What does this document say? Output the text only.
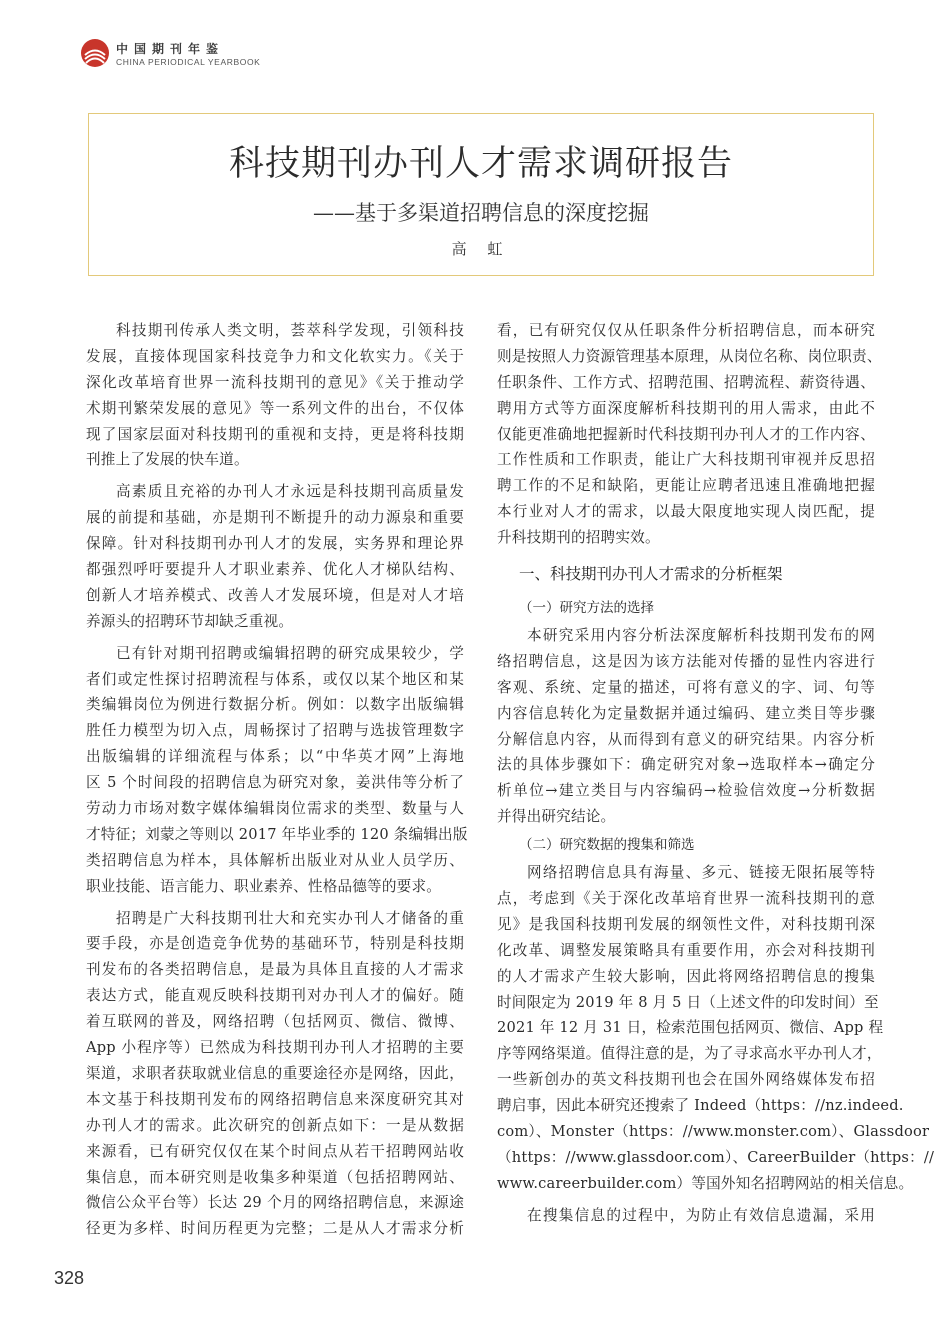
中国期刊年鉴
CHINA PERIODICAL YEARBOOK
科技期刊办刊人才需求调研报告
——基于多渠道招聘信息的深度挖掘
高 虹
科技期刊传承人类文明，荟萃科学发现，引领科技
发展，直接体现国家科技竞争力和文化软实力。《关于
深化改革培育世界一流科技期刊的意见》《关于推动学
术期刊繁荣发展的意见》等一系列文件的出台，不仅体
现了国家层面对科技期刊的重视和支持，更是将科技期
刊推上了发展的快车道。
高素质且充裕的办刊人才永远是科技期刊高质量发
展的前提和基础，亦是期刊不断提升的动力源泉和重要
保障。针对科技期刊办刊人才的发展，实务界和理论界
都强烈呼吁要提升人才职业素养、优化人才梯队结构、
创新人才培养模式、改善人才发展环境，但是对人才培
养源头的招聘环节却缺乏重视。
已有针对期刊招聘或编辑招聘的研究成果较少，学
者们或定性探讨招聘流程与体系，或仅以某个地区和某
类编辑岗位为例进行数据分析。例如：以数字出版编辑
胜任力模型为切入点，周畅探讨了招聘与选拔管理数字
出版编辑的详细流程与体系；以“中华英才网”上海地
区 5 个时间段的招聘信息为研究对象，姜洪伟等分析了
劳动力市场对数字媒体编辑岗位需求的类型、数量与人
才特征；刘蒙之等则以 2017 年毕业季的 120 条编辑出版
类招聘信息为样本，具体解析出版业对从业人员学历、
职业技能、语言能力、职业素养、性格品德等的要求。
招聘是广大科技期刊壮大和充实办刊人才储备的重
要手段，亦是创造竞争优势的基础环节，特别是科技期
刊发布的各类招聘信息，是最为具体且直接的人才需求
表达方式，能直观反映科技期刊对办刊人才的偏好。随
着互联网的普及，网络招聘（包括网页、微信、微博、
App 小程序等）已然成为科技期刊办刊人才招聘的主要
渠道，求职者获取就业信息的重要途径亦是网络，因此，
本文基于科技期刊发布的网络招聘信息来深度研究其对
办刊人才的需求。此次研究的创新点如下：一是从数据
来源看，已有研究仅仅在某个时间点从若干招聘网站收
集信息，而本研究则是收集多种渠道（包括招聘网站、
微信公众平台等）长达 29 个月的网络招聘信息，来源途
径更为多样、时间历程更为完整；二是从人才需求分析
看，已有研究仅仅从任职条件分析招聘信息，而本研究
则是按照人力资源管理基本原理，从岗位名称、岗位职责、
任职条件、工作方式、招聘范围、招聘流程、薪资待遇、
聘用方式等方面深度解析科技期刊的用人需求，由此不
仅能更准确地把握新时代科技期刊办刊人才的工作内容、
工作性质和工作职责，能让广大科技期刊审视并反思招
聘工作的不足和缺陷，更能让应聘者迅速且准确地把握
本行业对人才的需求，以最大限度地实现人岗匹配，提
升科技期刊的招聘实效。
一、科技期刊办刊人才需求的分析框架
（一）研究方法的选择
本研究采用内容分析法深度解析科技期刊发布的网
络招聘信息，这是因为该方法能对传播的显性内容进行
客观、系统、定量的描述，可将有意义的字、词、句等
内容信息转化为定量数据并通过编码、建立类目等步骤
分解信息内容，从而得到有意义的研究结果。内容分析
法的具体步骤如下：确定研究对象→选取样本→确定分
析单位→建立类目与内容编码→检验信效度→分析数据
并得出研究结论。
（二）研究数据的搜集和筛选
网络招聘信息具有海量、多元、链接无限拓展等特
点，考虑到《关于深化改革培育世界一流科技期刊的意
见》是我国科技期刊发展的纲领性文件，对科技期刊深
化改革、调整发展策略具有重要作用，亦会对科技期刊
的人才需求产生较大影响，因此将网络招聘信息的搜集
时间限定为 2019 年 8 月 5 日（上述文件的印发时间）至
2021 年 12 月 31 日，检索范围包括网页、微信、App 程
序等网络渠道。值得注意的是，为了寻求高水平办刊人才，
一些新创办的英文科技期刊也会在国外网络媒体发布招
聘启事，因此本研究还搜索了 Indeed（https：//nz.indeed.
com）、Monster（https：//www.monster.com）、Glassdoor
（https：//www.glassdoor.com）、CareerBuilder（https：//
www.careerbuilder.com）等国外知名招聘网站的相关信息。
在搜集信息的过程中，为防止有效信息遗漏，采用
328
